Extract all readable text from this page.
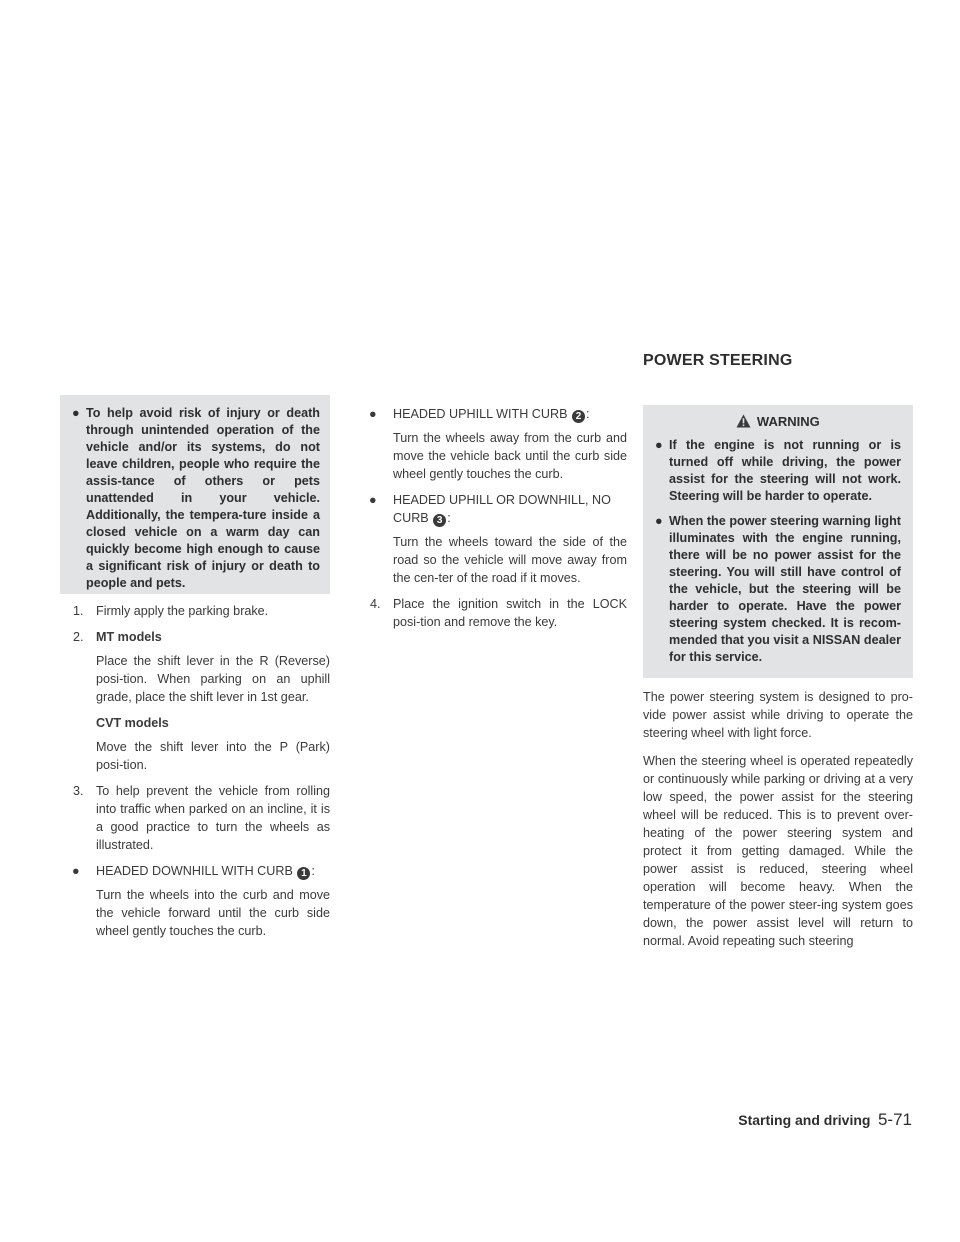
● To help avoid risk of injury or death through unintended operation of the vehicle and/or its systems, do not leave children, people who require the assis-tance of others or pets unattended in your vehicle. Additionally, the tempera-ture inside a closed vehicle on a warm day can quickly become high enough to cause a significant risk of injury or death to people and pets.
1. Firmly apply the parking brake.
2. MT models
Place the shift lever in the R (Reverse) posi-tion. When parking on an uphill grade, place the shift lever in 1st gear.
CVT models
Move the shift lever into the P (Park) posi-tion.
3. To help prevent the vehicle from rolling into traffic when parked on an incline, it is a good practice to turn the wheels as illustrated.
● HEADED DOWNHILL WITH CURB 1 :
Turn the wheels into the curb and move the vehicle forward until the curb side wheel gently touches the curb.
● HEADED UPHILL WITH CURB 2 :
Turn the wheels away from the curb and move the vehicle back until the curb side wheel gently touches the curb.
● HEADED UPHILL OR DOWNHILL, NO CURB 3 :
Turn the wheels toward the side of the road so the vehicle will move away from the cen-ter of the road if it moves.
4. Place the ignition switch in the LOCK posi-tion and remove the key.
POWER STEERING
WARNING
● If the engine is not running or is turned off while driving, the power assist for the steering will not work. Steering will be harder to operate.
● When the power steering warning light illuminates with the engine running, there will be no power assist for the steering. You will still have control of the vehicle, but the steering will be harder to operate. Have the power steering system checked. It is recom-mended that you visit a NISSAN dealer for this service.
The power steering system is designed to pro-vide power assist while driving to operate the steering wheel with light force.
When the steering wheel is operated repeatedly or continuously while parking or driving at a very low speed, the power assist for the steering wheel will be reduced. This is to prevent over-heating of the power steering system and protect it from getting damaged. While the power assist is reduced, steering wheel operation will become heavy. When the temperature of the power steer-ing system goes down, the power assist level will return to normal. Avoid repeating such steering
Starting and driving 5-71
